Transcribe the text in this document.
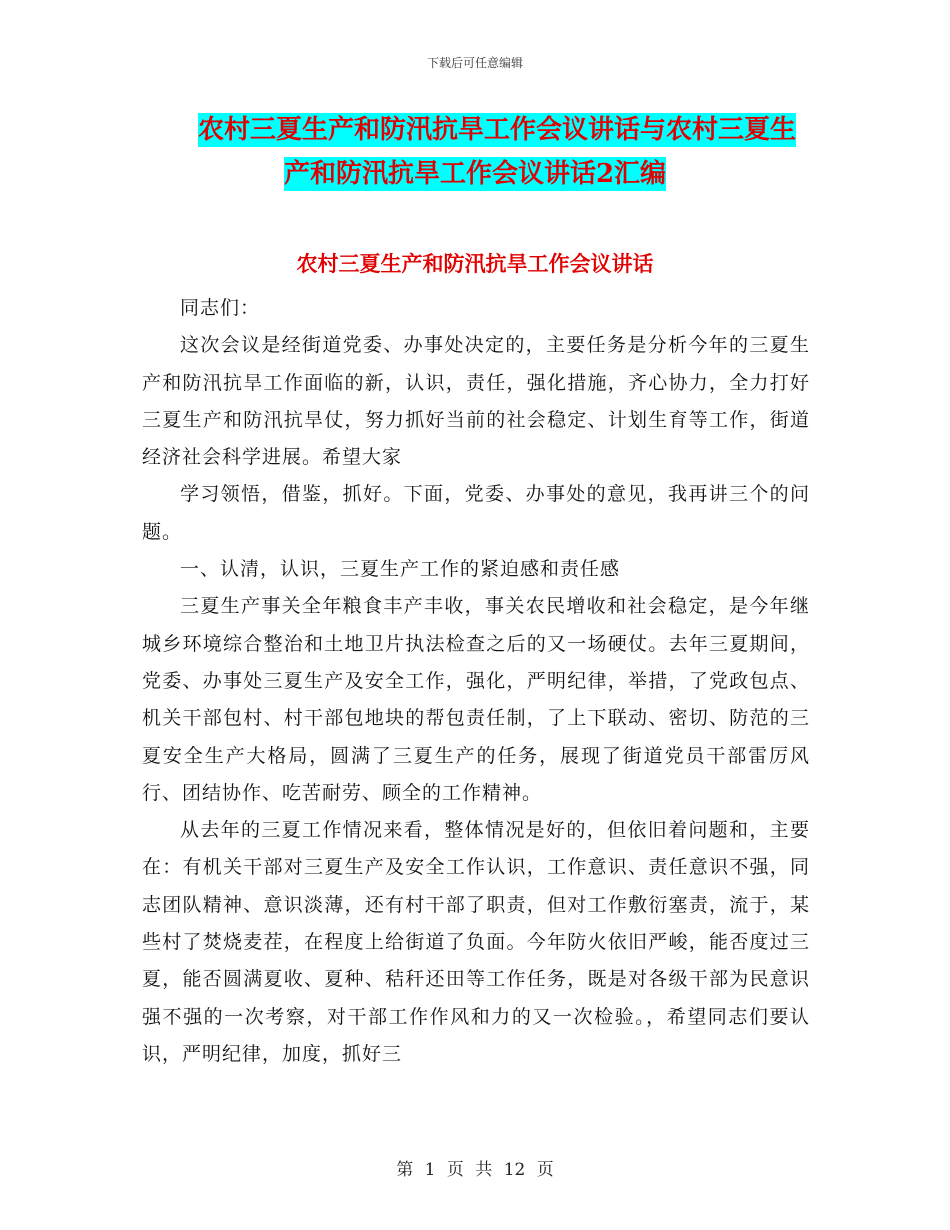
下载后可任意编辑
农村三夏生产和防汛抗旱工作会议讲话与农村三夏生
产和防汛抗旱工作会议讲话2汇编
农村三夏生产和防汛抗旱工作会议讲话

同志们：

这次会议是经街道党委、办事处决定的，主要任务是分析今年的三夏生产和防汛抗旱工作面临的新，认识，责任，强化措施，齐心协力，全力打好三夏生产和防汛抗旱仗，努力抓好当前的社会稳定、计划生育等工作，街道经济社会科学进展。希望大家

学习领悟，借鉴，抓好。下面，党委、办事处的意见，我再讲三个的问题。

一、认清，认识，三夏生产工作的紧迫感和责任感

三夏生产事关全年粮食丰产丰收，事关农民增收和社会稳定，是今年继城乡环境综合整治和土地卫片执法检查之后的又一场硬仗。去年三夏期间，党委、办事处三夏生产及安全工作，强化，严明纪律，举措，了党政包点、机关干部包村、村干部包地块的帮包责任制，了上下联动、密切、防范的三夏安全生产大格局，圆满了三夏生产的任务，展现了街道党员干部雷厉风行、团结协作、吃苦耐劳、顾全的工作精神。

从去年的三夏工作情况来看，整体情况是好的，但依旧着问题和，主要在：有机关干部对三夏生产及安全工作认识，工作意识、责任意识不强，同志团队精神、意识淡薄，还有村干部了职责，但对工作敷衍塞责，流于，某些村了焚烧麦茬，在程度上给街道了负面。今年防火依旧严峻，能否度过三夏，能否圆满夏收、夏种、秸秆还田等工作任务，既是对各级干部为民意识强不强的一次考察，对干部工作作风和力的又一次检验。，希望同志们要认识，严明纪律，加度，抓好三

第 1 页 共 12 页
